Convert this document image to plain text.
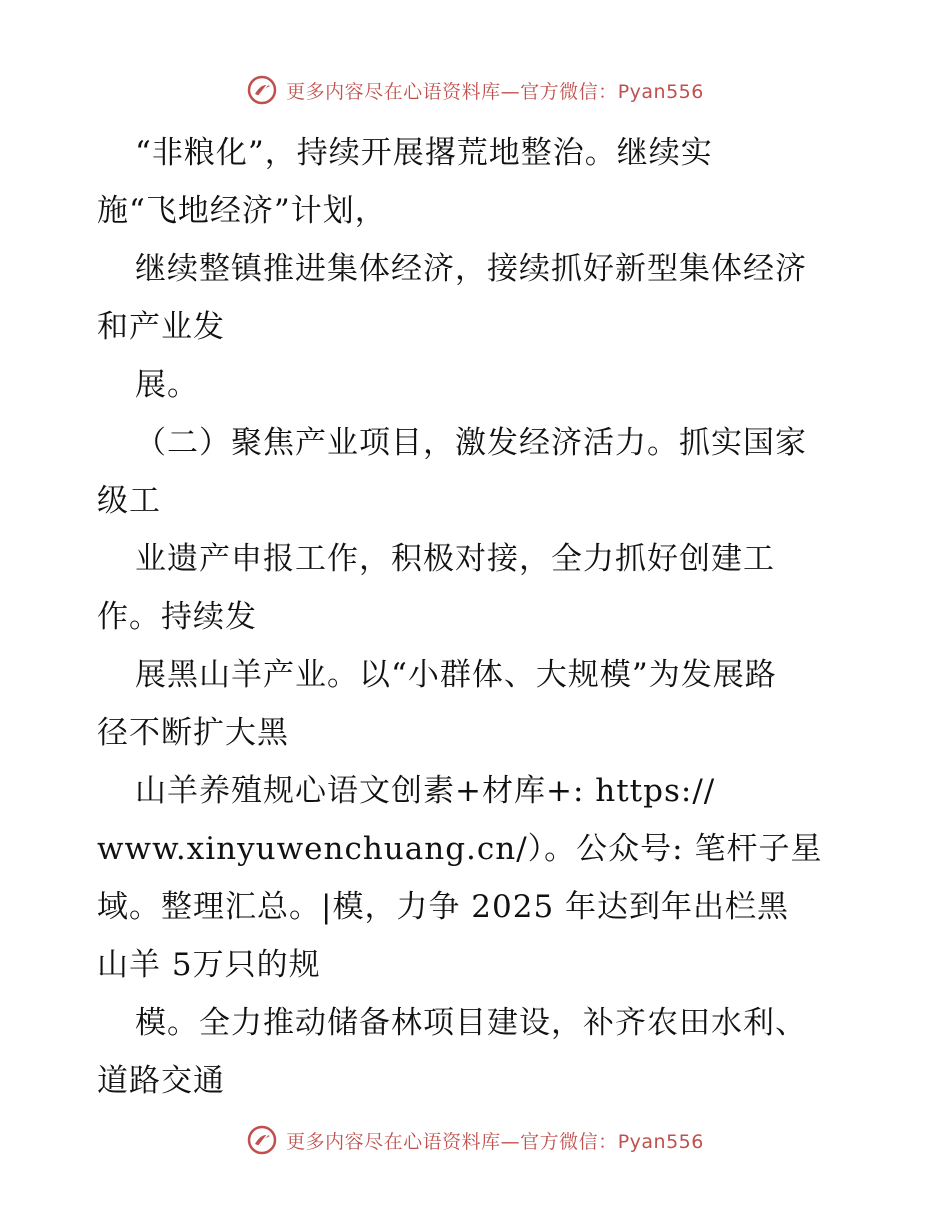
更多内容尽在心语资料库—官方微信：Pyan556
“非粮化”，持续开展撂荒地整治。继续实
施“飞地经济”计划，
继续整镇推进集体经济，接续抓好新型集体经济
和产业发
展。
（二）聚焦产业项目，激发经济活力。抓实国家
级工
业遗产申报工作，积极对接，全力抓好创建工
作。持续发
展黑山羊产业。以“小群体、大规模”为发展路
径不断扩大黑
山羊养殖规心语文创素+材库+: https://
www.xinyuwenchuang.cn/）。公众号: 笔杆子星
域。整理汇总。|模，力争 2025 年达到年出栏黑
山羊 5万只的规
模。全力推动储备林项目建设，补齐农田水利、
道路交通
更多内容尽在心语资料库—官方微信：Pyan556
